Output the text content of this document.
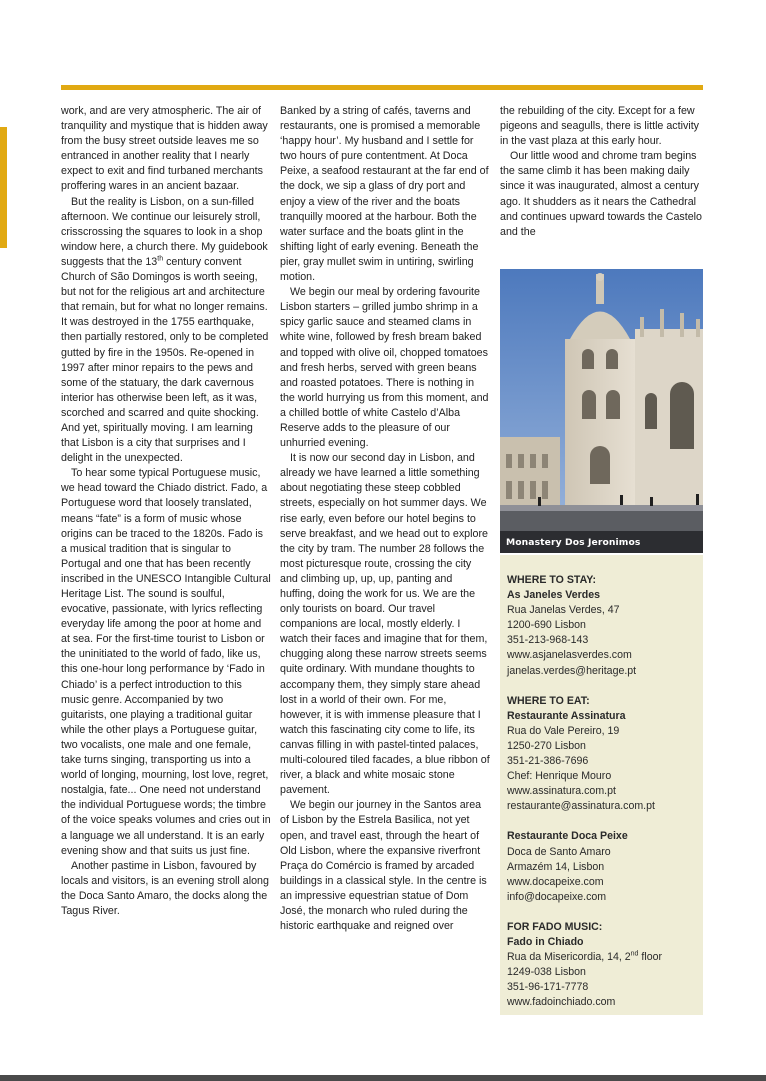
work, and are very atmospheric. The air of tranquility and mystique that is hidden away from the busy street outside leaves me so entranced in another reality that I nearly expect to exit and find turbaned merchants proffering wares in an ancient bazaar.

But the reality is Lisbon, on a sun-filled afternoon. We continue our leisurely stroll, crisscrossing the squares to look in a shop window here, a church there. My guidebook suggests that the 13th century convent Church of São Domingos is worth seeing, but not for the religious art and architecture that remain, but for what no longer remains. It was destroyed in the 1755 earthquake, then partially restored, only to be completed gutted by fire in the 1950s. Re-opened in 1997 after minor repairs to the pews and some of the statuary, the dark cavernous interior has otherwise been left, as it was, scorched and scarred and quite shocking. And yet, spiritually moving. I am learning that Lisbon is a city that surprises and I delight in the unexpected.

To hear some typical Portuguese music, we head toward the Chiado district. Fado, a Portuguese word that loosely translated, means “fate” is a form of music whose origins can be traced to the 1820s. Fado is a musical tradition that is singular to Portugal and one that has been recently inscribed in the UNESCO Intangible Cultural Heritage List. The sound is soulful, evocative, passionate, with lyrics reflecting everyday life among the poor at home and at sea. For the first-time tourist to Lisbon or the uninitiated to the world of fado, like us, this one-hour long performance by ‘Fado in Chiado’ is a perfect introduction to this music genre. Accompanied by two guitarists, one playing a traditional guitar while the other plays a Portuguese guitar, two vocalists, one male and one female, take turns singing, transporting us into a world of longing, mourning, lost love, regret, nostalgia, fate... One need not understand the individual Portuguese words; the timbre of the voice speaks volumes and cries out in a language we all understand. It is an early evening show and that suits us just fine.

Another pastime in Lisbon, favoured by locals and visitors, is an evening stroll along the Doca Santo Amaro, the docks along the Tagus River.

Banked by a string of cafés, taverns and restaurants, one is promised a memorable ‘happy hour’. My husband and I settle for two hours of pure contentment. At Doca Peixe, a seafood restaurant at the far end of the dock, we sip a glass of dry port and enjoy a view of the river and the boats tranquilly moored at the harbour. Both the water surface and the boats glint in the shifting light of early evening. Beneath the pier, gray mullet swim in untiring, swirling motion.

We begin our meal by ordering favourite Lisbon starters – grilled jumbo shrimp in a spicy garlic sauce and steamed clams in white wine, followed by fresh bream baked and topped with olive oil, chopped tomatoes and fresh herbs, served with green beans and roasted potatoes. There is nothing in the world hurrying us from this moment, and a chilled bottle of white Castelo d’Alba Reserve adds to the pleasure of our unhurried evening.

It is now our second day in Lisbon, and already we have learned a little something about negotiating these steep cobbled streets, especially on hot summer days. We rise early, even before our hotel begins to serve breakfast, and we head out to explore the city by tram. The number 28 follows the most picturesque route, crossing the city and climbing up, up, up, panting and huffing, doing the work for us. We are the only tourists on board. Our travel companions are local, mostly elderly. I watch their faces and imagine that for them, chugging along these narrow streets seems quite ordinary. With mundane thoughts to accompany them, they simply stare ahead lost in a world of their own. For me, however, it is with immense pleasure that I watch this fascinating city come to life, its canvas filling in with pastel-tinted palaces, multi-coloured tiled facades, a blue ribbon of river, a black and white mosaic stone pavement.

We begin our journey in the Santos area of Lisbon by the Estrela Basilica, not yet open, and travel east, through the heart of Old Lisbon, where the expansive riverfront Praça do Comércio is framed by arcaded buildings in a classical style. In the centre is an impressive equestrian statue of Dom José, the monarch who ruled during the historic earthquake and reigned over

the rebuilding of the city. Except for a few pigeons and seagulls, there is little activity in the vast plaza at this early hour.

Our little wood and chrome tram begins the same climb it has been making daily since it was inaugurated, almost a century ago. It shudders as it nears the Cathedral and continues upward towards the Castelo and the

Monastery Dos Jeronimos
WHERE TO STAY:
As Janeles Verdes
Rua Janelas Verdes, 47
1200-690 Lisbon
351-213-968-143
www.asjanelasverdes.com
janelas.verdes@heritage.pt
WHERE TO EAT:
Restaurante Assinatura
Rua do Vale Pereiro, 19
1250-270 Lisbon
351-21-386-7696
Chef: Henrique Mouro
www.assinatura.com.pt
restaurante@assinatura.com.pt
Restaurante Doca Peixe
Doca de Santo Amaro
Armazém 14, Lisbon
www.docapeixe.com
info@docapeixe.com
FOR FADO MUSIC:
Fado in Chiado
Rua da Misericordia, 14, 2nd floor
1249-038 Lisbon
351-96-171-7778
www.fadoinchiado.com
